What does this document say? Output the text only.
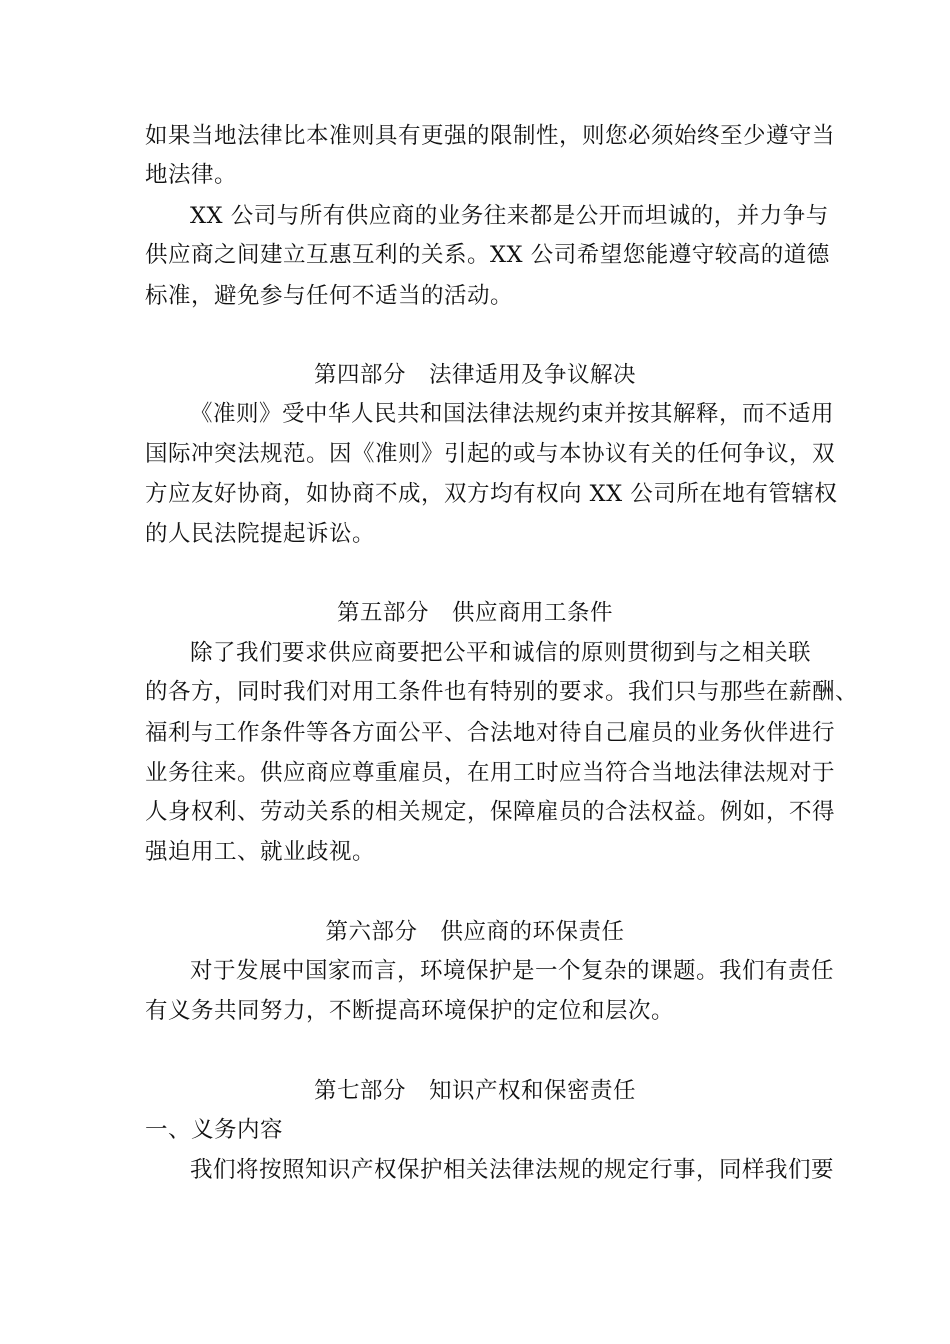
如果当地法律比本准则具有更强的限制性，则您必须始终至少遵守当
地法律。
XX 公司与所有供应商的业务往来都是公开而坦诚的，并力争与
供应商之间建立互惠互利的关系。XX 公司希望您能遵守较高的道德
标准，避免参与任何不适当的活动。
第四部分　法律适用及争议解决
《准则》受中华人民共和国法律法规约束并按其解释，而不适用
国际冲突法规范。因《准则》引起的或与本协议有关的任何争议，双
方应友好协商，如协商不成，双方均有权向 XX 公司所在地有管辖权
的人民法院提起诉讼。
第五部分　供应商用工条件
除了我们要求供应商要把公平和诚信的原则贯彻到与之相关联
的各方，同时我们对用工条件也有特别的要求。我们只与那些在薪酬、
福利与工作条件等各方面公平、合法地对待自己雇员的业务伙伴进行
业务往来。供应商应尊重雇员，在用工时应当符合当地法律法规对于
人身权利、劳动关系的相关规定，保障雇员的合法权益。例如，不得
强迫用工、就业歧视。
第六部分　供应商的环保责任
对于发展中国家而言，环境保护是一个复杂的课题。我们有责任
有义务共同努力，不断提高环境保护的定位和层次。
第七部分　知识产权和保密责任
一、义务内容
我们将按照知识产权保护相关法律法规的规定行事，同样我们要
